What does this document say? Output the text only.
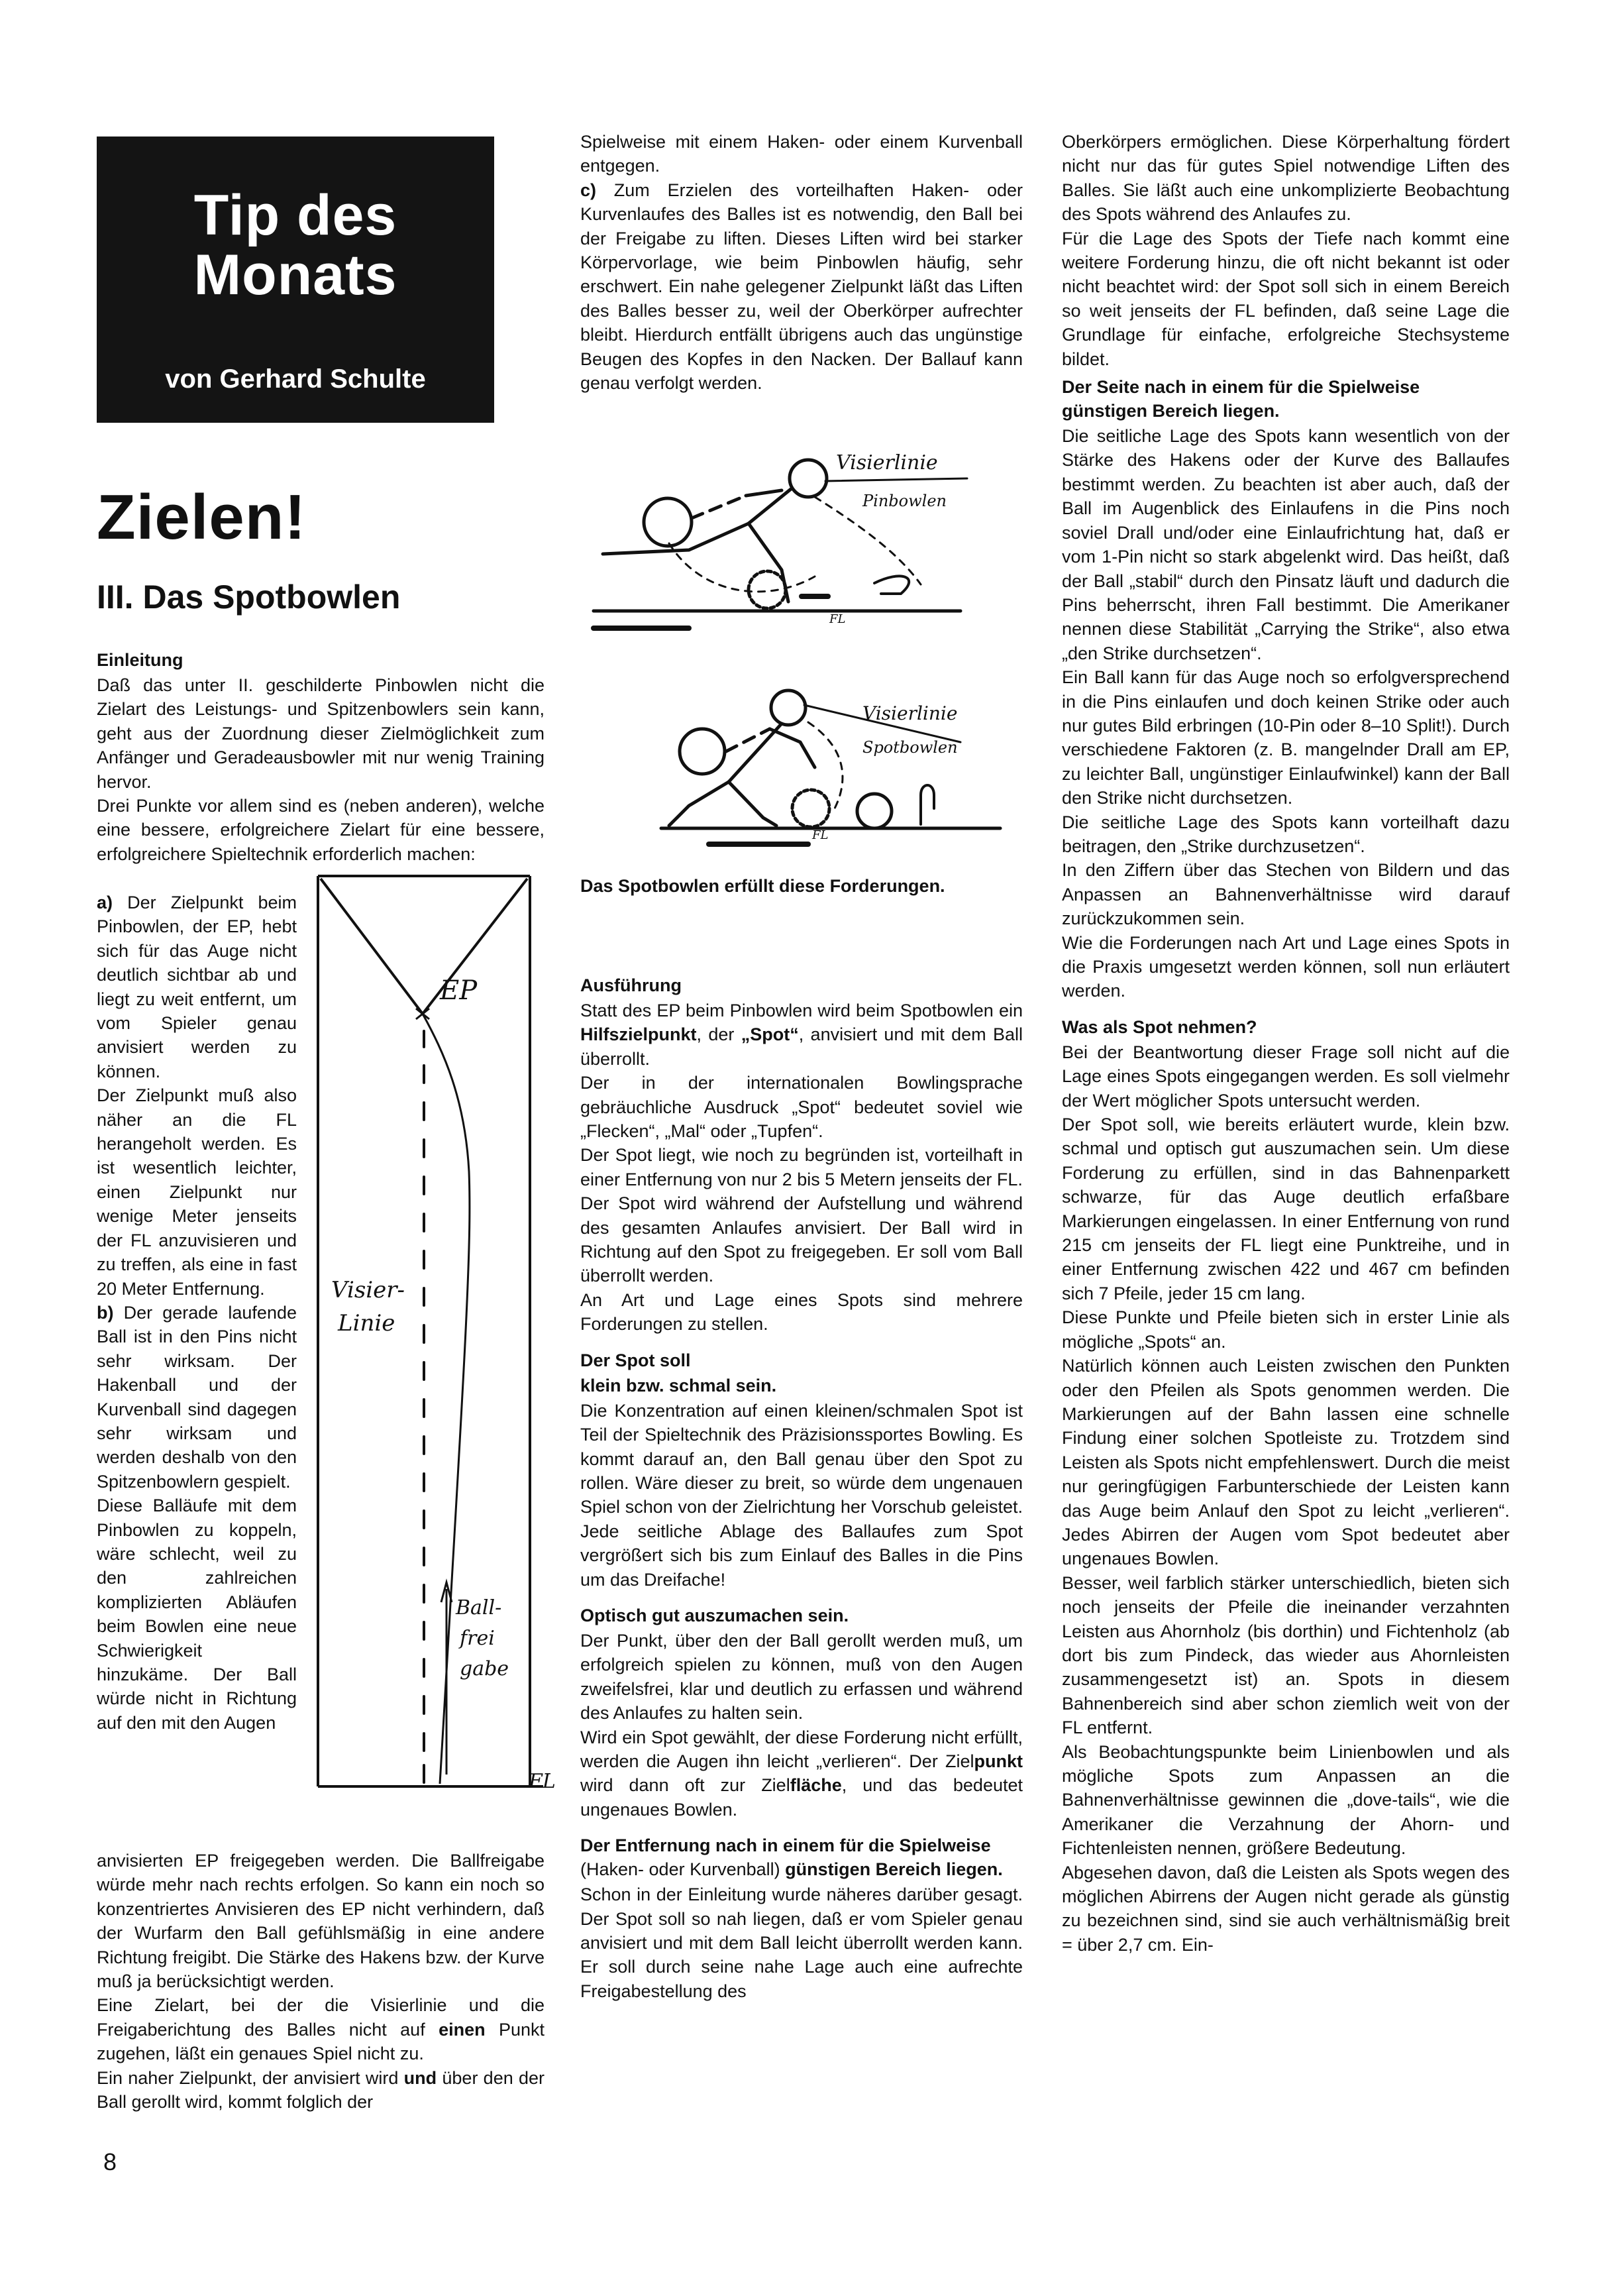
Tip des
Monats
von Gerhard Schulte
Zielen!
III. Das Spotbowlen
Einleitung

Daß das unter II. geschilderte Pinbowlen nicht die Zielart des Leistungs- und Spitzenbowlers sein kann, geht aus der Zuordnung dieser Zielmöglichkeit zum Anfänger und Geradeausbowler mit nur wenig Training hervor.

Drei Punkte vor allem sind es (neben anderen), welche eine bessere, erfolgreichere Zielart für eine bessere, erfolgreichere Spieltechnik erforderlich machen:

a) Der Zielpunkt beim Pinbowlen, der EP, hebt sich für das Auge nicht deutlich sichtbar ab und liegt zu weit entfernt, um vom Spieler genau anvisiert werden zu können.

Der Zielpunkt muß also näher an die FL herangeholt werden. Es ist wesentlich leichter, einen Zielpunkt nur wenige Meter jenseits der FL anzuvisieren und zu treffen, als eine in fast 20 Meter Entfernung.

b) Der gerade laufende Ball ist in den Pins nicht sehr wirksam. Der Hakenball und der Kurvenball sind dagegen sehr wirksam und werden deshalb von den Spitzenbowlern gespielt.

Diese Balläufe mit dem Pinbowlen zu koppeln, wäre schlecht, weil zu den zahlreichen komplizierten Abläufen beim Bowlen eine neue Schwierigkeit hinzukäme. Der Ball würde nicht in Richtung auf den mit den Augen

EP
Visier-
Linie
Ball-
frei
gabe
FL

anvisierten EP freigegeben werden. Die Ballfreigabe würde mehr nach rechts erfolgen. So kann ein noch so konzentriertes Anvisieren des EP nicht verhindern, daß der Wurfarm den Ball gefühlsmäßig in eine andere Richtung freigibt. Die Stärke des Hakens bzw. der Kurve muß ja berücksichtigt werden.

Eine Zielart, bei der die Visierlinie und die Freigaberichtung des Balles nicht auf einen Punkt zugehen, läßt ein genaues Spiel nicht zu.

Ein naher Zielpunkt, der anvisiert wird und über den der Ball gerollt wird, kommt folglich der

Spielweise mit einem Haken- oder einem Kurvenball entgegen.

c) Zum Erzielen des vorteilhaften Haken- oder Kurvenlaufes des Balles ist es notwendig, den Ball bei der Freigabe zu liften. Dieses Liften wird bei starker Körpervorlage, wie beim Pinbowlen häufig, sehr erschwert. Ein nahe gelegener Zielpunkt läßt das Liften des Balles besser zu, weil der Oberkörper aufrechter bleibt. Hierdurch entfällt übrigens auch das ungünstige Beugen des Kopfes in den Nacken. Der Ballauf kann genau verfolgt werden.

Visierlinie
Pinbowlen
Visierlinie
Spotbowlen
FL
FL
Das Spotbowlen erfüllt diese Forderungen.
Ausführung

Statt des EP beim Pinbowlen wird beim Spotbowlen ein Hilfszielpunkt, der „Spot“, anvisiert und mit dem Ball überrollt.

Der in der internationalen Bowlingsprache gebräuchliche Ausdruck „Spot“ bedeutet soviel wie „Flecken“, „Mal“ oder „Tupfen“.

Der Spot liegt, wie noch zu begründen ist, vorteilhaft in einer Entfernung von nur 2 bis 5 Metern jenseits der FL.

Der Spot wird während der Aufstellung und während des gesamten Anlaufes anvisiert. Der Ball wird in Richtung auf den Spot zu freigegeben. Er soll vom Ball überrollt werden.

An Art und Lage eines Spots sind mehrere Forderungen zu stellen.

Der Spot soll
klein bzw. schmal sein.

Die Konzentration auf einen kleinen/schmalen Spot ist Teil der Spieltechnik des Präzisionssportes Bowling. Es kommt darauf an, den Ball genau über den Spot zu rollen. Wäre dieser zu breit, so würde dem ungenauen Spiel schon von der Zielrichtung her Vorschub geleistet. Jede seitliche Ablage des Ballaufes zum Spot vergrößert sich bis zum Einlauf des Balles in die Pins um das Dreifache!

Optisch gut auszumachen sein.

Der Punkt, über den der Ball gerollt werden muß, um erfolgreich spielen zu können, muß von den Augen zweifelsfrei, klar und deutlich zu erfassen und während des Anlaufes zu halten sein.

Wird ein Spot gewählt, der diese Forderung nicht erfüllt, werden die Augen ihn leicht „verlieren“. Der Zielpunkt wird dann oft zur Zielfläche, und das bedeutet ungenaues Bowlen.

Der Entfernung nach in einem für die Spielweise (Haken- oder Kurvenball) günstigen Bereich liegen.

Schon in der Einleitung wurde näheres darüber gesagt. Der Spot soll so nah liegen, daß er vom Spieler genau anvisiert und mit dem Ball leicht überrollt werden kann. Er soll durch seine nahe Lage auch eine aufrechte Freigabestellung des

Oberkörpers ermöglichen. Diese Körperhaltung fördert nicht nur das für gutes Spiel notwendige Liften des Balles. Sie läßt auch eine unkomplizierte Beobachtung des Spots während des Anlaufes zu.

Für die Lage des Spots der Tiefe nach kommt eine weitere Forderung hinzu, die oft nicht bekannt ist oder nicht beachtet wird: der Spot soll sich in einem Bereich so weit jenseits der FL befinden, daß seine Lage die Grundlage für einfache, erfolgreiche Stechsysteme bildet.

Der Seite nach in einem für die Spielweise günstigen Bereich liegen.

Die seitliche Lage des Spots kann wesentlich von der Stärke des Hakens oder der Kurve des Ballaufes bestimmt werden. Zu beachten ist aber auch, daß der Ball im Augenblick des Einlaufens in die Pins noch soviel Drall und/oder eine Einlaufrichtung hat, daß er vom 1-Pin nicht so stark abgelenkt wird. Das heißt, daß der Ball „stabil“ durch den Pinsatz läuft und dadurch die Pins beherrscht, ihren Fall bestimmt. Die Amerikaner nennen diese Stabilität „Carrying the Strike“, also etwa „den Strike durchsetzen“.

Ein Ball kann für das Auge noch so erfolgversprechend in die Pins einlaufen und doch keinen Strike oder auch nur gutes Bild erbringen (10-Pin oder 8–10 Split!). Durch verschiedene Faktoren (z. B. mangelnder Drall am EP, zu leichter Ball, ungünstiger Einlaufwinkel) kann der Ball den Strike nicht durchsetzen.

Die seitliche Lage des Spots kann vorteilhaft dazu beitragen, den „Strike durchzusetzen“.

In den Ziffern über das Stechen von Bildern und das Anpassen an Bahnenverhältnisse wird darauf zurückzukommen sein.

Wie die Forderungen nach Art und Lage eines Spots in die Praxis umgesetzt werden können, soll nun erläutert werden.

Was als Spot nehmen?

Bei der Beantwortung dieser Frage soll nicht auf die Lage eines Spots eingegangen werden. Es soll vielmehr der Wert möglicher Spots untersucht werden.

Der Spot soll, wie bereits erläutert wurde, klein bzw. schmal und optisch gut auszumachen sein. Um diese Forderung zu erfüllen, sind in das Bahnenparkett schwarze, für das Auge deutlich erfaßbare Markierungen eingelassen. In einer Entfernung von rund 215 cm jenseits der FL liegt eine Punktreihe, und in einer Entfernung zwischen 422 und 467 cm befinden sich 7 Pfeile, jeder 15 cm lang.

Diese Punkte und Pfeile bieten sich in erster Linie als mögliche „Spots“ an.

Natürlich können auch Leisten zwischen den Punkten oder den Pfeilen als Spots genommen werden. Die Markierungen auf der Bahn lassen eine schnelle Findung einer solchen Spotleiste zu. Trotzdem sind Leisten als Spots nicht empfehlenswert. Durch die meist nur geringfügigen Farbunterschiede der Leisten kann das Auge beim Anlauf den Spot zu leicht „verlieren“. Jedes Abirren der Augen vom Spot bedeutet aber ungenaues Bowlen.

Besser, weil farblich stärker unterschiedlich, bieten sich noch jenseits der Pfeile die ineinander verzahnten Leisten aus Ahornholz (bis dorthin) und Fichtenholz (ab dort bis zum Pindeck, das wieder aus Ahornleisten zusammengesetzt ist) an. Spots in diesem Bahnenbereich sind aber schon ziemlich weit von der FL entfernt.

Als Beobachtungspunkte beim Linienbowlen und als mögliche Spots zum Anpassen an die Bahnenverhältnisse gewinnen die „dove-tails“, wie die Amerikaner die Verzahnung der Ahorn- und Fichtenleisten nennen, größere Bedeutung.

Abgesehen davon, daß die Leisten als Spots wegen des möglichen Abirrens der Augen nicht gerade als günstig zu bezeichnen sind, sind sie auch verhältnismäßig breit = über 2,7 cm. Ein-

8
